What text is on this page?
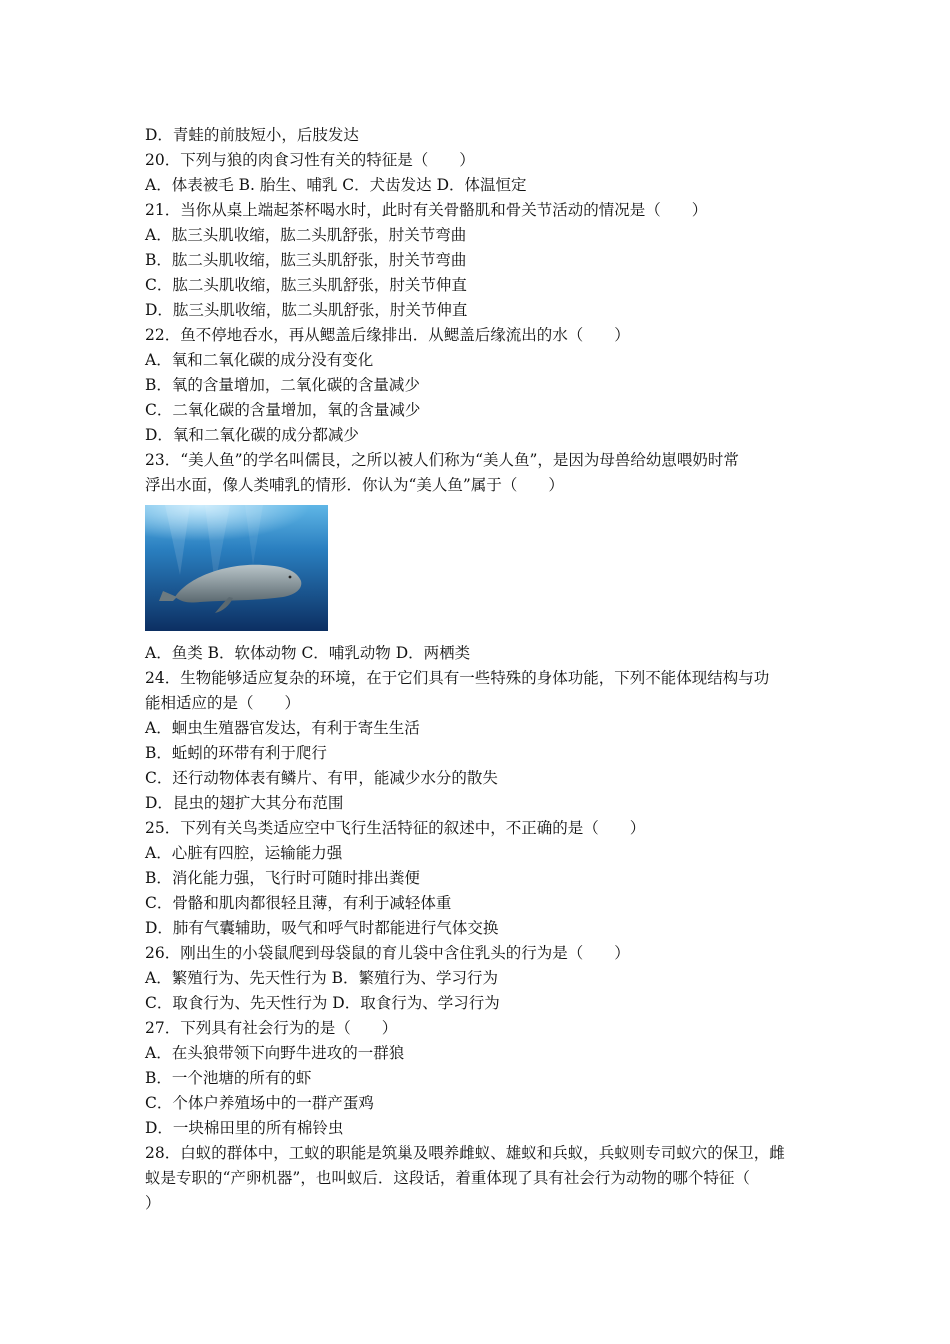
D．青蛙的前肢短小，后肢发达
20．下列与狼的肉食习性有关的特征是（　　）
A．体表被毛 B. 胎生、哺乳 C．犬齿发达 D．体温恒定
21．当你从桌上端起茶杯喝水时，此时有关骨骼肌和骨关节活动的情况是（　　）
A．肱三头肌收缩，肱二头肌舒张，肘关节弯曲
B．肱二头肌收缩，肱三头肌舒张，肘关节弯曲
C．肱二头肌收缩，肱三头肌舒张，肘关节伸直
D．肱三头肌收缩，肱二头肌舒张，肘关节伸直
22．鱼不停地吞水，再从鳃盖后缘排出．从鳃盖后缘流出的水（　　）
A．氧和二氧化碳的成分没有变化
B．氧的含量增加，二氧化碳的含量减少
C．二氧化碳的含量增加，氧的含量减少
D．氧和二氧化碳的成分都减少
23．“美人鱼”的学名叫儒艮，之所以被人们称为“美人鱼”，是因为母兽给幼崽喂奶时常
浮出水面，像人类哺乳的情形．你认为“美人鱼”属于（　　）
A．鱼类 B．软体动物 C．哺乳动物 D．两栖类
24．生物能够适应复杂的环境，在于它们具有一些特殊的身体功能，下列不能体现结构与功
能相适应的是（　　）
A．蛔虫生殖器官发达，有利于寄生生活
B．蚯蚓的环带有利于爬行
C．还行动物体表有鳞片、有甲，能减少水分的散失
D．昆虫的翅扩大其分布范围
25．下列有关鸟类适应空中飞行生活特征的叙述中，不正确的是（　　）
A．心脏有四腔，运输能力强
B．消化能力强，飞行时可随时排出粪便
C．骨骼和肌肉都很轻且薄，有利于减轻体重
D．肺有气囊辅助，吸气和呼气时都能进行气体交换
26．刚出生的小袋鼠爬到母袋鼠的育儿袋中含住乳头的行为是（　　）
A．繁殖行为、先天性行为 B．繁殖行为、学习行为
C．取食行为、先天性行为 D．取食行为、学习行为
27．下列具有社会行为的是（　　）
A．在头狼带领下向野牛进攻的一群狼
B．一个池塘的所有的虾
C．个体户养殖场中的一群产蛋鸡
D．一块棉田里的所有棉铃虫
28．白蚁的群体中，工蚁的职能是筑巢及喂养雌蚁、雄蚁和兵蚁，兵蚁则专司蚁穴的保卫，雌
蚁是专职的“产卵机器”，也叫蚁后．这段话，着重体现了具有社会行为动物的哪个特征（
）
